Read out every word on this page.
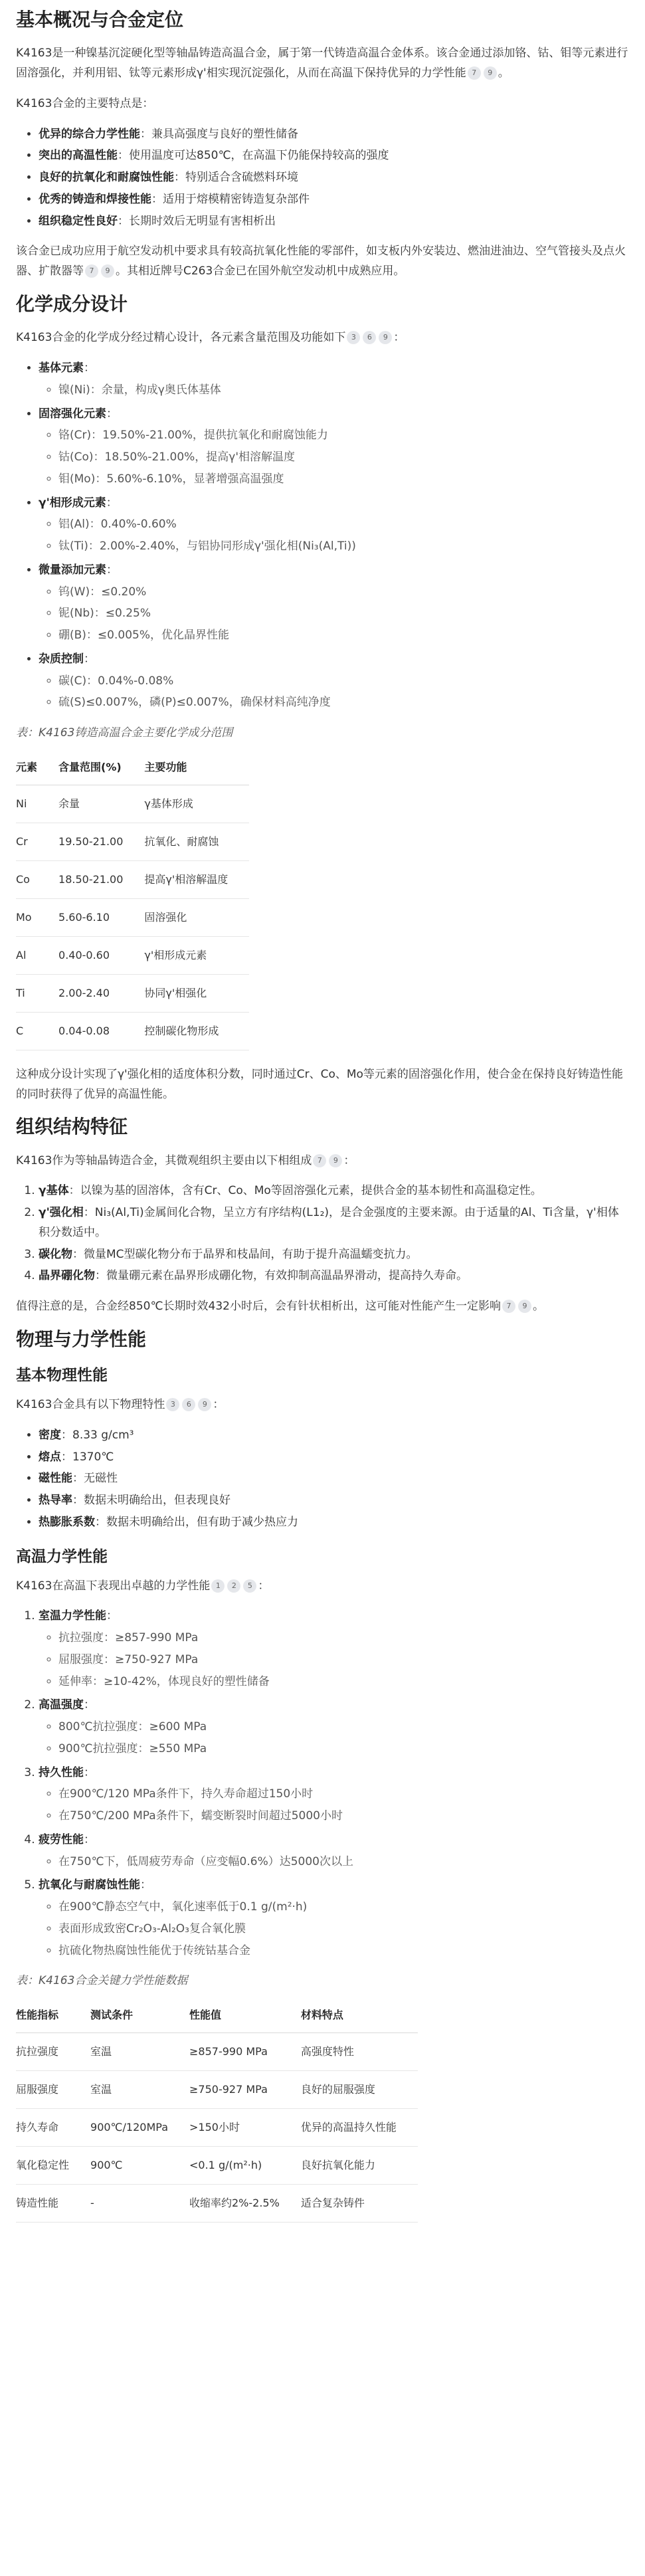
基本概况与合金定位

K4163是一种镍基沉淀硬化型等轴晶铸造高温合金，属于第一代铸造高温合金体系。该合金通过添加铬、钴、钼等元素进行固溶强化，并利用铝、钛等元素形成γ'相实现沉淀强化，从而在高温下保持优异的力学性能 7 9 。

K4163合金的主要特点是：

• 优异的综合力学性能：兼具高强度与良好的塑性储备
• 突出的高温性能：使用温度可达850℃，在高温下仍能保持较高的强度
• 良好的抗氧化和耐腐蚀性能：特别适合含硫燃料环境
• 优秀的铸造和焊接性能：适用于熔模精密铸造复杂部件
• 组织稳定性良好：长期时效后无明显有害相析出

该合金已成功应用于航空发动机中要求具有较高抗氧化性能的零部件，如支板内外安装边、燃油进油边、空气管接头及点火器、扩散器等 7 9 。其相近牌号C263合金已在国外航空发动机中成熟应用。

化学成分设计

K4163合金的化学成分经过精心设计，各元素含量范围及功能如下 3 6 9 ：

• 基体元素：
◦ 镍(Ni)：余量，构成γ奥氏体基体
• 固溶强化元素：
◦ 铬(Cr)：19.50%-21.00%，提供抗氧化和耐腐蚀能力
◦ 钴(Co)：18.50%-21.00%，提高γ'相溶解温度
◦ 钼(Mo)：5.60%-6.10%，显著增强高温强度
• γ'相形成元素：
◦ 铝(Al)：0.40%-0.60%
◦ 钛(Ti)：2.00%-2.40%，与铝协同形成γ'强化相(Ni₃(Al,Ti))
• 微量添加元素：
◦ 钨(W)：≤0.20%
◦ 铌(Nb)：≤0.25%
◦ 硼(B)：≤0.005%，优化晶界性能
• 杂质控制：
◦ 碳(C)：0.04%-0.08%
◦ 硫(S)≤0.007%，磷(P)≤0.007%，确保材料高纯净度

表：K4163铸造高温合金主要化学成分范围

元素	含量范围(%)	主要功能
Ni	余量	γ基体形成
Cr	19.50-21.00	抗氧化、耐腐蚀
Co	18.50-21.00	提高γ'相溶解温度
Mo	5.60-6.10	固溶强化
Al	0.40-0.60	γ'相形成元素
Ti	2.00-2.40	协同γ'相强化
C	0.04-0.08	控制碳化物形成

这种成分设计实现了γ'强化相的适度体积分数，同时通过Cr、Co、Mo等元素的固溶强化作用，使合金在保持良好铸造性能的同时获得了优异的高温性能。

组织结构特征

K4163作为等轴晶铸造合金，其微观组织主要由以下相组成 7 9 ：

1. γ基体：以镍为基的固溶体，含有Cr、Co、Mo等固溶强化元素，提供合金的基本韧性和高温稳定性。
2. γ'强化相：Ni₃(Al,Ti)金属间化合物，呈立方有序结构(L1₂)，是合金强度的主要来源。由于适量的Al、Ti含量，γ'相体积分数适中。
3. 碳化物：微量MC型碳化物分布于晶界和枝晶间，有助于提升高温蠕变抗力。
4. 晶界硼化物：微量硼元素在晶界形成硼化物，有效抑制高温晶界滑动，提高持久寿命。

值得注意的是，合金经850℃长期时效432小时后，会有针状相析出，这可能对性能产生一定影响 7 9 。

物理与力学性能
基本物理性能

K4163合金具有以下物理特性 3 6 9 ：

• 密度：8.33 g/cm³
• 熔点：1370℃
• 磁性能：无磁性
• 热导率：数据未明确给出，但表现良好
• 热膨胀系数：数据未明确给出，但有助于减少热应力
高温力学性能

K4163在高温下表现出卓越的力学性能 1 2 5 ：

1. 室温力学性能：
◦ 抗拉强度：≥857-990 MPa
◦ 屈服强度：≥750-927 MPa
◦ 延伸率：≥10-42%，体现良好的塑性储备
2. 高温强度：
◦ 800℃抗拉强度：≥600 MPa
◦ 900℃抗拉强度：≥550 MPa
3. 持久性能：
◦ 在900℃/120 MPa条件下，持久寿命超过150小时
◦ 在750℃/200 MPa条件下，蠕变断裂时间超过5000小时
4. 疲劳性能：
◦ 在750℃下，低周疲劳寿命（应变幅0.6%）达5000次以上
5. 抗氧化与耐腐蚀性能：
◦ 在900℃静态空气中，氧化速率低于0.1 g/(m²·h)
◦ 表面形成致密Cr₂O₃-Al₂O₃复合氧化膜
◦ 抗硫化物热腐蚀性能优于传统钴基合金

表：K4163合金关键力学性能数据

性能指标	测试条件	性能值	材料特点
抗拉强度	室温	≥857-990 MPa	高强度特性
屈服强度	室温	≥750-927 MPa	良好的屈服强度
持久寿命	900℃/120MPa	>150小时	优异的高温持久性能
氧化稳定性	900℃	<0.1 g/(m²·h)	良好抗氧化能力
铸造性能	-	收缩率约2%-2.5%	适合复杂铸件
